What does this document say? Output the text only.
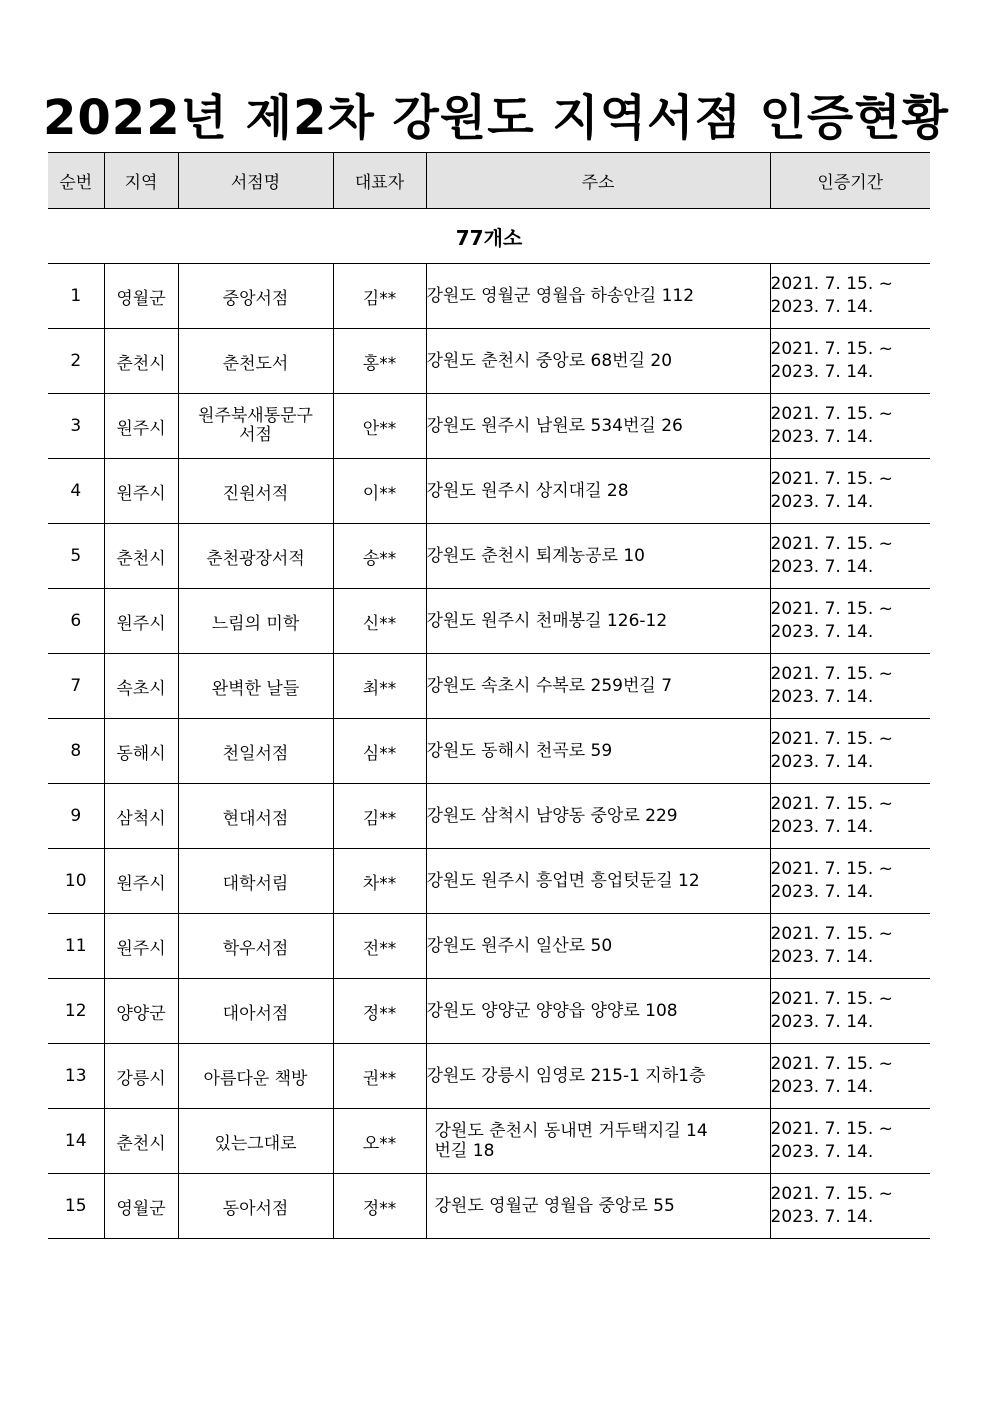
2022년 제2차 강원도 지역서점 인증현황
순번	지역	서점명	대표자	주소	인증기간
77개소					
1	영월군	중앙서점	김**	강원도 영월군 영월읍 하송안길 112	2021. 7. 15. ~
2023. 7. 14.

2	춘천시	춘천도서	홍**	강원도 춘천시 중앙로 68번길 20	2021. 7. 15. ~
2023. 7. 14.

3	원주시	원주북새통문구 서점	안**	강원도 원주시 남원로 534번길 26	2021. 7. 15. ~
2023. 7. 14.

4	원주시	진원서적	이**	강원도 원주시 상지대길 28	2021. 7. 15. ~
2023. 7. 14.

5	춘천시	춘천광장서적	송**	강원도 춘천시 퇴계농공로 10	2021. 7. 15. ~
2023. 7. 14.

6	원주시	느림의 미학	신**	강원도 원주시 천매봉길 126-12	2021. 7. 15. ~
2023. 7. 14.

7	속초시	완벽한 날들	최**	강원도 속초시 수복로 259번길 7	2021. 7. 15. ~
2023. 7. 14.

8	동해시	천일서점	심**	강원도 동해시 천곡로 59	2021. 7. 15. ~
2023. 7. 14.

9	삼척시	현대서점	김**	강원도 삼척시 남양동 중앙로 229	2021. 7. 15. ~
2023. 7. 14.

10	원주시	대학서림	차**	강원도 원주시 흥업면 흥업텃둔길 12	2021. 7. 15. ~
2023. 7. 14.

11	원주시	학우서점	전**	강원도 원주시 일산로 50	2021. 7. 15. ~
2023. 7. 14.

12	양양군	대아서점	정**	강원도 양양군 양양읍 양양로 108	2021. 7. 15. ~
2023. 7. 14.

13	강릉시	아름다운 책방	권**	강원도 강릉시 임영로 215-1 지하1층	2021. 7. 15. ~
2023. 7. 14.

14	춘천시	있는그대로	오**	강원도 춘천시 동내면 거두택지길 14번길 18	2021. 7. 15. ~
2023. 7. 14.

15	영월군	동아서점	정**	강원도 영월군 영월읍 중앙로 55	2021. 7. 15. ~
2023. 7. 14.
